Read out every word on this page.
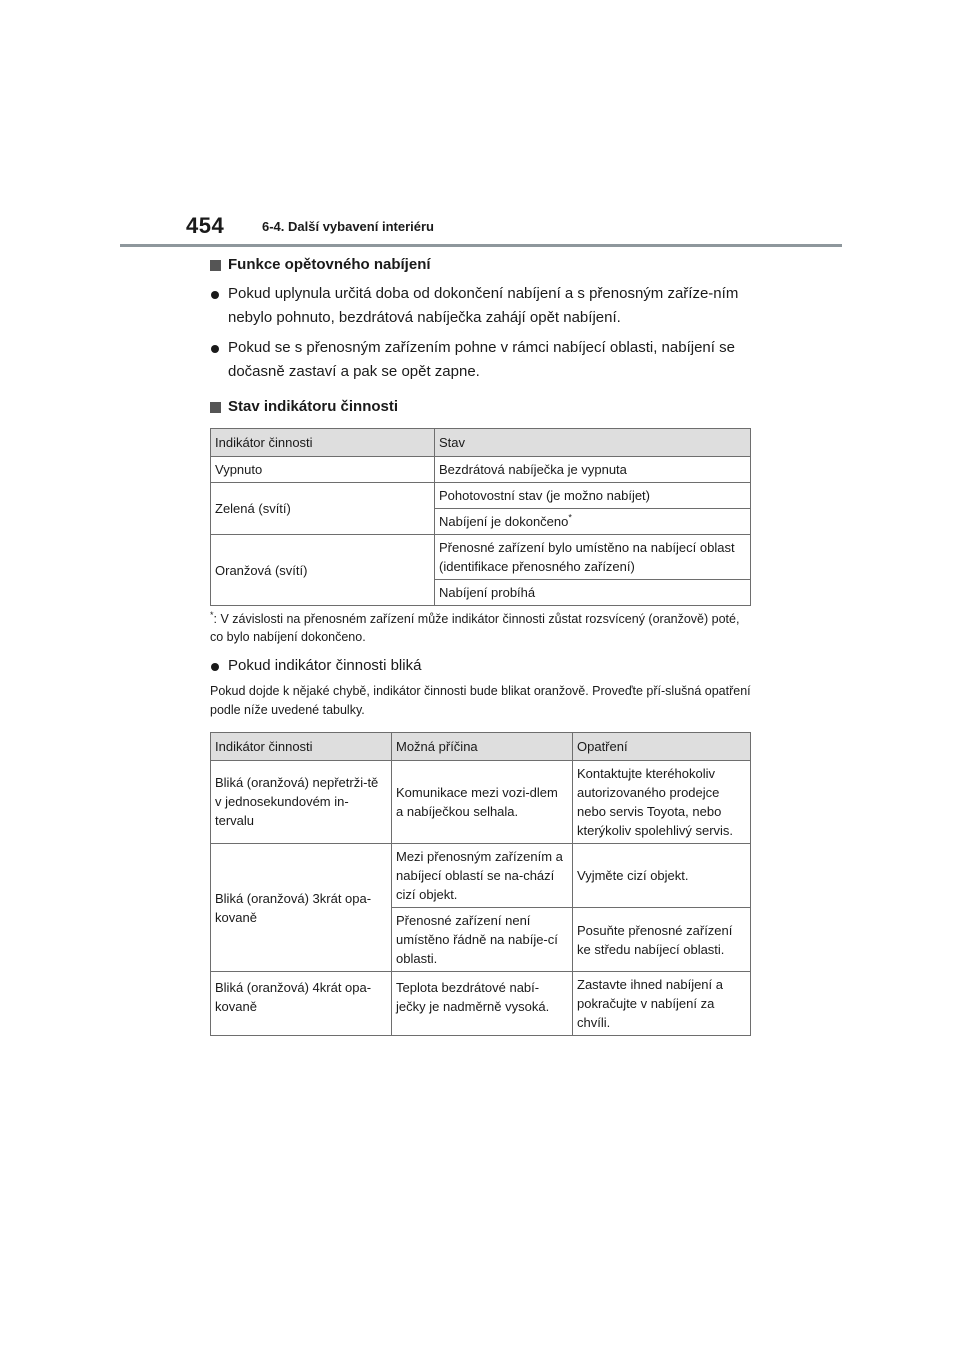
454	6-4. Další vybavení interiéru

Funkce opětovného nabíjení

Pokud uplynula určitá doba od dokončení nabíjení a s přenosným zaříze-ním nebylo pohnuto, bezdrátová nabíječka zahájí opět nabíjení.
Pokud se s přenosným zařízením pohne v rámci nabíjecí oblasti, nabíjení se dočasně zastaví a pak se opět zapne.

Stav indikátoru činnosti

Indikátor činnosti	Stav
Vypnuto	Bezdrátová nabíječka je vypnuta
Zelená (svítí)	Pohotovostní stav (je možno nabíjet)
	Nabíjení je dokončeno*
Oranžová (svítí)	Přenosné zařízení bylo umístěno na nabíjecí oblast (identifikace přenosného zařízení)
	Nabíjení probíhá
*: V závislosti na přenosném zařízení může indikátor činnosti zůstat rozsvícený (oranžově) poté, co bylo nabíjení dokončeno.
Pokud indikátor činnosti bliká
Pokud dojde k nějaké chybě, indikátor činnosti bude blikat oranžově. Proveďte pří-slušná opatření podle níže uvedené tabulky.
Indikátor činnosti	Možná příčina	Opatření
Bliká (oranžová) nepřetrži-tě v jednosekundovém in-tervalu	Komunikace mezi vozi-dlem a nabíječkou selhala.	Kontaktujte kteréhokoliv autorizovaného prodejce nebo servis Toyota, nebo kterýkoliv spolehlivý servis.
Bliká (oranžová) 3krát opa-kovaně	Mezi přenosným zařízením a nabíjecí oblastí se na-chází cizí objekt.	Vyjměte cizí objekt.
	Přenosné zařízení není umístěno řádně na nabíje-cí oblasti.	Posuňte přenosné zařízení ke středu nabíjecí oblasti.
Bliká (oranžová) 4krát opa-kovaně	Teplota bezdrátové nabí-ječky je nadměrně vysoká.	Zastavte ihned nabíjení a pokračujte v nabíjení za chvíli.
